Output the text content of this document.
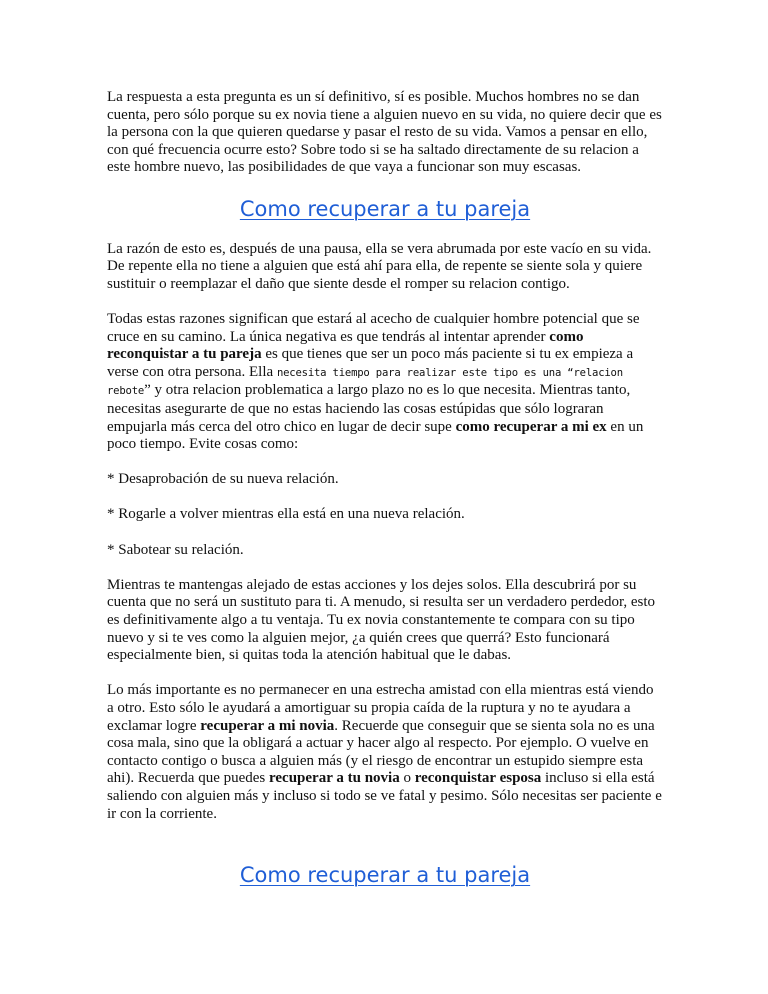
La respuesta a esta pregunta es un sí definitivo, sí es posible. Muchos hombres no se dan cuenta, pero sólo porque su ex novia tiene a alguien nuevo en su vida, no quiere decir que es la persona con la que quieren quedarse y pasar el resto de su vida. Vamos a pensar en ello, con qué frecuencia ocurre esto? Sobre todo si se ha saltado directamente de su relacion a este hombre nuevo, las posibilidades de que vaya a funcionar son muy escasas.

Como recuperar a tu pareja

La razón de esto es, después de una pausa, ella se vera abrumada por este vacío en su vida. De repente ella no tiene a alguien que está ahí para ella, de repente se siente sola y quiere sustituir o reemplazar el daño que siente desde el romper su relacion contigo.

Todas estas razones significan que estará al acecho de cualquier hombre potencial que se cruce en su camino. La única negativa es que tendrás al intentar aprender como reconquistar a tu pareja es que tienes que ser un poco más paciente si tu ex empieza a verse con otra persona. Ella necesita tiempo para realizar este tipo es una “relacion rebote” y otra relacion problematica a largo plazo no es lo que necesita. Mientras tanto, necesitas asegurarte de que no estas haciendo las cosas estúpidas que sólo lograran empujarla más cerca del otro chico en lugar de decir supe como recuperar a mi ex en un poco tiempo. Evite cosas como:

* Desaprobación de su nueva relación.

* Rogarle a volver mientras ella está en una nueva relación.

* Sabotear su relación.

Mientras te mantengas alejado de estas acciones y los dejes solos. Ella descubrirá por su cuenta que no será un sustituto para ti. A menudo, si resulta ser un verdadero perdedor, esto es definitivamente algo a tu ventaja. Tu ex novia constantemente te compara con su tipo nuevo y si te ves como la alguien mejor, ¿a quién crees que querrá? Esto funcionará especialmente bien, si quitas toda la atención habitual que le dabas.

Lo más importante es no permanecer en una estrecha amistad con ella mientras está viendo a otro. Esto sólo le ayudará a amortiguar su propia caída de la ruptura y no te ayudara a exclamar logre recuperar a mi novia. Recuerde que conseguir que se sienta sola no es una cosa mala, sino que la obligará a actuar y hacer algo al respecto. Por ejemplo. O vuelve en contacto contigo o busca a alguien más (y el riesgo de encontrar un estupido siempre esta ahi). Recuerda que puedes recuperar a tu novia o reconquistar esposa incluso si ella está saliendo con alguien más y incluso si todo se ve fatal y pesimo. Sólo necesitas ser paciente e ir con la corriente.

Como recuperar a tu pareja
